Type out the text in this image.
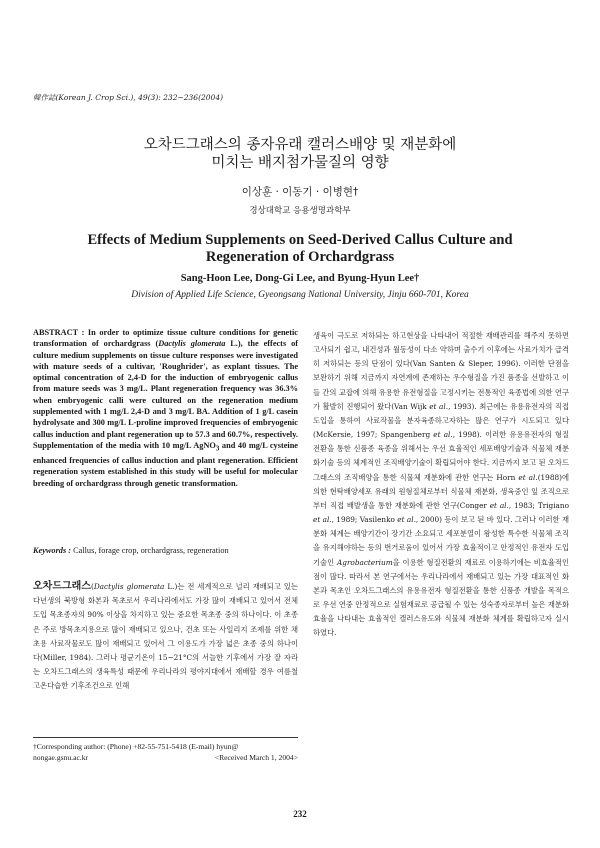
韓作誌(Korean J. Crop Sci.), 49(3): 232~236(2004)
오차드그래스의 종자유래 캘러스배양 및 재분화에
미치는 배지첨가물질의 영향
이상훈 · 이동기 · 이병현†
경상대학교 응용생명과학부
Effects of Medium Supplements on Seed-Derived Callus Culture and
Regeneration of Orchardgrass
Sang-Hoon Lee, Dong-Gi Lee, and Byung-Hyun Lee†
Division of Applied Life Science, Gyeongsang National University, Jinju 660-701, Korea
ABSTRACT : In order to optimize tissue culture conditions for genetic transformation of orchardgrass (Dactylis glomerata L.), the effects of culture medium supplements on tissue culture responses were investigated with mature seeds of a cultivar, 'Roughrider', as explant tissues. The optimal concentration of 2,4-D for the induction of embryogenic callus from mature seeds was 3 mg/L. Plant regeneration frequency was 36.3% when embryogenic calli were cultured on the regeneration medium supplemented with 1 mg/L 2,4-D and 3 mg/L BA. Addition of 1 g/L casein hydrolysate and 300 mg/L L-proline improved frequencies of embryogenic callus induction and plant regeneration up to 57.3 and 60.7%, respectively. Supplementation of the media with 10 mg/L AgNO$_3$ and 40 mg/L cysteine enhanced frequencies of callus induction and plant regeneration. Efficient regeneration system established in this study will be useful for molecular breeding of orchardgrass through genetic transformation.
Keywords : Callus, forage crop, orchardgrass, regeneration
오차드그래스(Dactylis glomerata L.)는 전 세계적으로 널리 재배되고 있는 다년생의 북방형 화본과 목초로서 우리나라에서도 가장 많이 재배되고 있어서 전체 도입 목초종자의 90% 이상을 차지하고 있는 중요한 목초종 중의 하나이다. 이 초종은 주로 방목초지용으로 많이 재배되고 있으나, 건초 또는 사일리지 조제를 위한 채초용 사료작물로도 많이 재배되고 있어서 그 이용도가 가장 넓은 초종 중의 하나이다(Miller, 1984). 그러나 평균기온이 15~21°C의 서늘한 기후에서 가장 잘 자라는 오차드그래스의 생육특성 때문에 우리나라의 평야지대에서 재배할 경우 여름철 고온다습한 기후조건으로 인해
생육이 극도로 저하되는 하고현상을 나타내어 적절한 재배관리를 해주지 못하면 고사되기 쉽고, 내건성과 월동성이 다소 약하며 출수기 이후에는 사료가치가 급격히 저하되는 등의 단점이 있다(Van Santen & Sleper, 1996). 이러한 단점을 보완하기 위해 지금까지 자연계에 존재하는 우수형질을 가진 품종을 선발하고 이들 간의 교잡에 의해 유용한 유전형질을 고정시키는 전통적인 육종법에 의한 연구가 활발히 진행되어 왔다(Van Wijk et al., 1993). 최근에는 유용유전자의 직접도입을 통하여 사료작물을 분자육종하고자하는 많은 연구가 시도되고 있다(McKersie, 1997; Spangenberg et al., 1998). 이러한 유용유전자의 형질전환을 통한 신품종 육종을 위해서는 우선 효율적인 세포배양기술과 식물체 재분화기술 등의 체계적인 조직배양기술이 확립되어야 한다. 지금까지 보고 된 오차드그래스의 조직배양을 통한 식물체 재분화에 관한 연구는 Horn et al.(1988)에 의한 현탁배양세포 유래의 원형질체로부터 식물체 재분화, 생육중인 잎 조직으로부터 직접 배발생을 통한 재분화에 관한 연구(Conger et al., 1983; Trigiano et al., 1989; Vasilenko et al., 2000) 등이 보고 된 바 있다. 그러나 이러한 재분화 체계는 배양기간이 장기간 소요되고 세포분열이 왕성한 특수한 식물체 조직을 유지해야하는 등의 번거로움이 있어서 가장 효율적이고 안정적인 유전자 도입기술인 Agrobacterium을 이용한 형질전환의 재료로 이용하기에는 비효율적인 점이 많다. 따라서 본 연구에서는 우리나라에서 재배되고 있는 가장 대표적인 화본과 목초인 오차드그래스의 유용유전자 형질전환을 통한 신품종 개발을 목적으로 우선 연중 안정적으로 실험재료로 공급될 수 있는 성숙종자로부터 높은 재분화 효율을 나타내는 효율적인 캘러스유도와 식물체 재분화 체계를 확립하고자 실시하였다.
†Corresponding author: (Phone) +82-55-751-5418 (E-mail) hyun@
nongae.gsnu.ac.kr	<Received March 1, 2004>
232
